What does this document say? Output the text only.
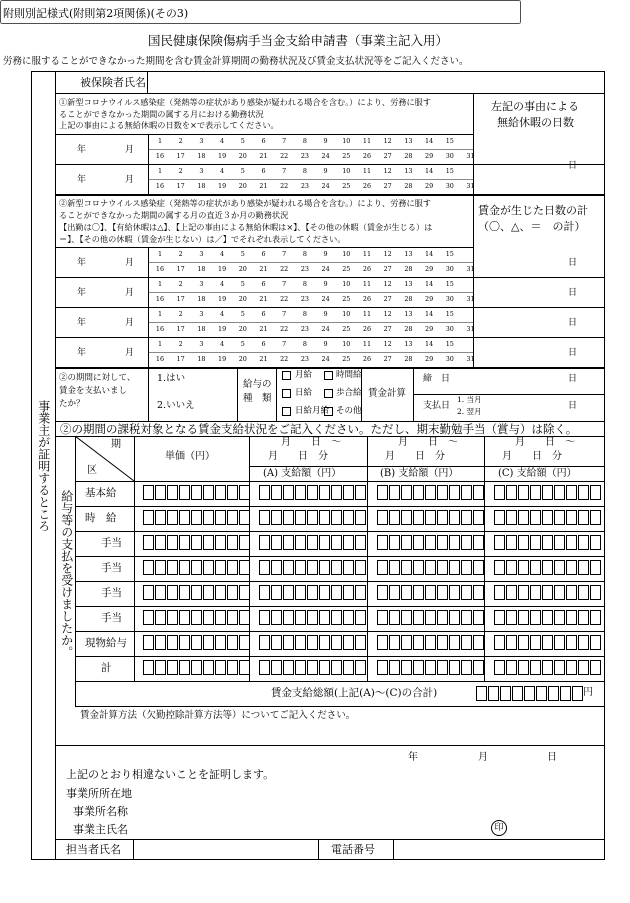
附則別記様式(附則第2項関係)(その3)
国民健康保険傷病手当金支給申請書（事業主記入用）
労務に服することができなかった期間を含む賃金計算期間の勤務状況及び賃金支払状況等をご記入ください。
事業主が証明するところ
被保険者氏名
①新型コロナウイルス感染症（発熱等の症状があり感染が疑われる場合を含む。）により、労務に服す
ることができなかった期間の属する月における勤務状況
上記の事由による無給休暇の日数を×で表示してください。
左記の事由による
無給休暇の日数
年	月
1	2	3	4	5	6	7	8	9	10	11	12	13	14	15
16	17	18	19	20	21	22	23	24	25	26	27	28	29	30	31
年	月
1	2	3	4	5	6	7	8	9	10	11	12	13	14	15
16	17	18	19	20	21	22	23	24	25	26	27	28	29	30	31
日
②新型コロナウイルス感染症（発熱等の症状があり感染が疑われる場合を含む。）により、労務に服す
ることができなかった期間の属する月の直近３か月の勤務状況
【出勤は〇】、【有給休暇は△】、【上記の事由による無給休暇は×】、【その他の休暇（賃金が生じる）は
＝】、【その他の休暇（賃金が生じない）は／】でそれぞれ表示してください。
賃金が生じた日数の計
（〇、△、＝　の計）
年	月
1	2	3	4	5	6	7	8	9	10	11	12	13	14	15
16	17	18	19	20	21	22	23	24	25	26	27	28	29	30	31
年	月
1	2	3	4	5	6	7	8	9	10	11	12	13	14	15
16	17	18	19	20	21	22	23	24	25	26	27	28	29	30	31
年	月
1	2	3	4	5	6	7	8	9	10	11	12	13	14	15
16	17	18	19	20	21	22	23	24	25	26	27	28	29	30	31
年	月
1	2	3	4	5	6	7	8	9	10	11	12	13	14	15
16	17	18	19	20	21	22	23	24	25	26	27	28	29	30	31
日
日
日
日
②の期間に対して、
賃金を支払いまし
たか？
1.はい
2.いいえ
給与の
種　類
月給	時間給
日給	歩合給
日給月給 その他
賃金計算
締　日	日
支払日
1. 当月
2. 翌月
日
②の期間の課税対象となる賃金支給状況をご記入ください。ただし、期末勤勉手当（賞与）は除く。
給与等の支払を受けましたか。
期
区
単価（円）
月　　日　～
月　　日　分
月　　日　～
月　　日　分
月　　日　～
月　　日　分
(A) 支給額（円）	(B) 支給額（円）	(C) 支給額（円）
基本給
時　給
手当
手当
手当
手当
現物給与
計
賃金支給総額(上記(A)～(C)の合計)	円
賃金計算方法（欠勤控除計算方法等）についてご記入ください。
年	月	日
上記のとおり相違ないことを証明します。
事業所所在地
事業所名称
事業主氏名	印
担当者氏名	電話番号
